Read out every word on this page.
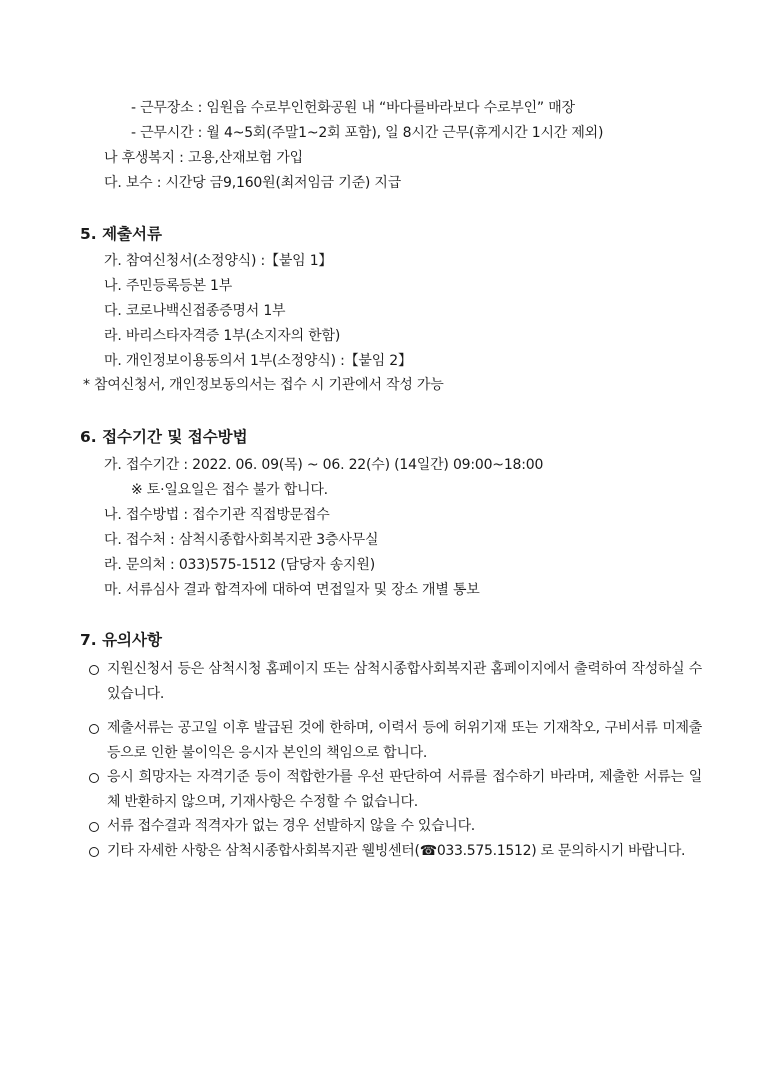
- 근무장소 : 임원읍 수로부인헌화공원 내 “바다를바라보다 수로부인” 매장
- 근무시간 : 월 4~5회(주말1~2회 포함), 일 8시간 근무(휴게시간 1시간 제외)
나 후생복지 : 고용,산재보험 가입
다. 보수 : 시간당 금9,160원(최저임금 기준) 지급
5. 제출서류
가. 참여신청서(소정양식) :【붙임 1】
나. 주민등록등본 1부
다. 코로나백신접종증명서 1부
라. 바리스타자격증 1부(소지자의 한함)
마. 개인정보이용동의서 1부(소정양식) :【붙임 2】
* 참여신청서, 개인정보동의서는 접수 시 기관에서 작성 가능
6. 접수기간 및 접수방법
가. 접수기간 : 2022. 06. 09(목) ~ 06. 22(수) (14일간) 09:00~18:00
※ 토·일요일은 접수 불가 합니다.
나. 접수방법 : 접수기관 직접방문접수
다. 접수처 : 삼척시종합사회복지관 3층사무실
라. 문의처 : 033)575-1512 (담당자 송지원)
마. 서류심사 결과 합격자에 대하여 면접일자 및 장소 개별 통보
7. 유의사항
지원신청서 등은 삼척시청 홈페이지 또는 삼척시종합사회복지관 홈페이지에서 출력하여 작성하실 수 있습니다.
제출서류는 공고일 이후 발급된 것에 한하며, 이력서 등에 허위기재 또는 기재착오, 구비서류 미제출 등으로 인한 불이익은 응시자 본인의 책임으로 합니다.
응시 희망자는 자격기준 등이 적합한가를 우선 판단하여 서류를 접수하기 바라며, 제출한 서류는 일체 반환하지 않으며, 기재사항은 수정할 수 없습니다.
서류 접수결과 적격자가 없는 경우 선발하지 않을 수 있습니다.
기타 자세한 사항은 삼척시종합사회복지관 웰빙센터(☎033.575.1512) 로 문의하시기 바랍니다.
